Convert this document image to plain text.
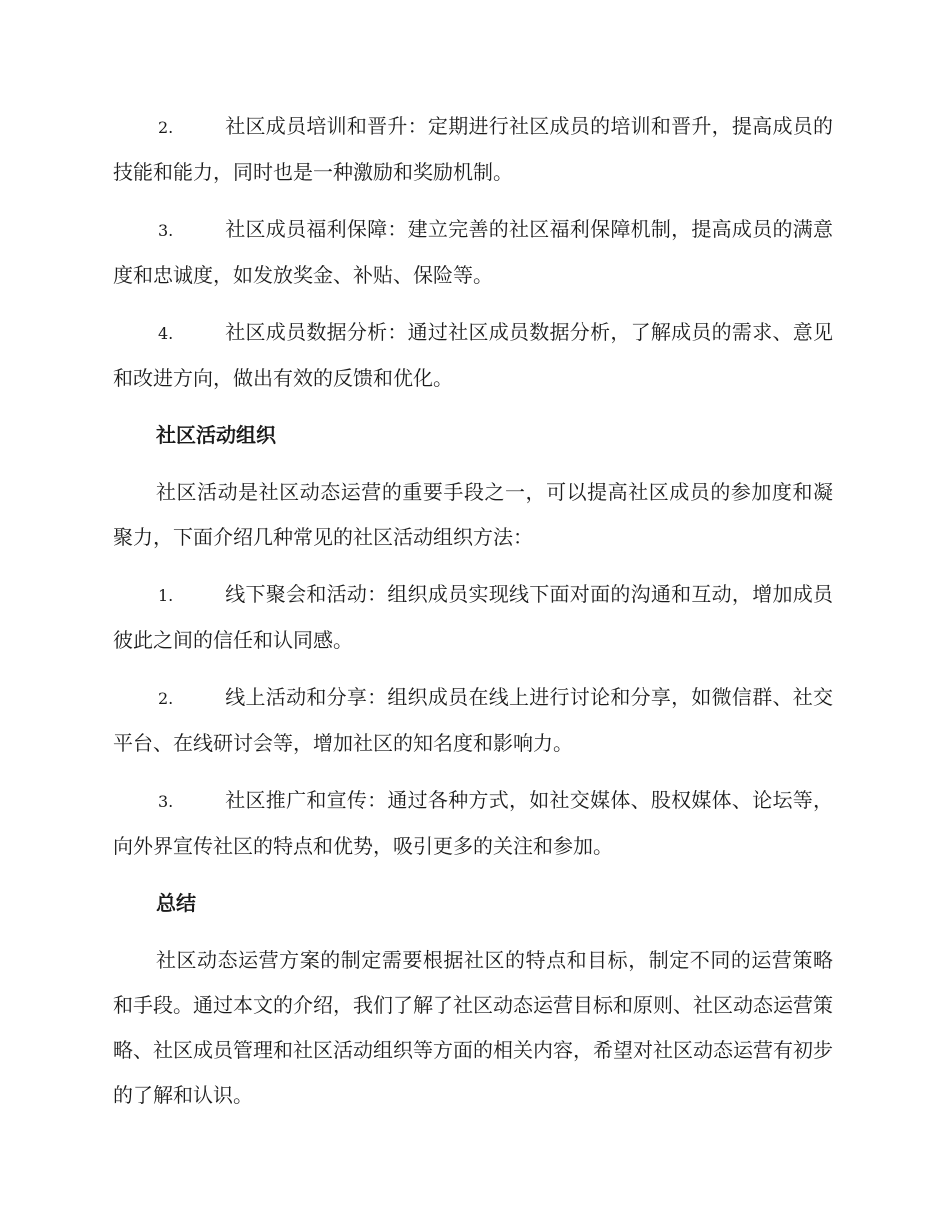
2.	社区成员培训和晋升：定期进行社区成员的培训和晋升，提高成员的技能和能力，同时也是一种激励和奖励机制。

3.	社区成员福利保障：建立完善的社区福利保障机制，提高成员的满意度和忠诚度，如发放奖金、补贴、保险等。

4.	社区成员数据分析：通过社区成员数据分析，了解成员的需求、意见和改进方向，做出有效的反馈和优化。

社区活动组织

社区活动是社区动态运营的重要手段之一，可以提高社区成员的参加度和凝聚力，下面介绍几种常见的社区活动组织方法：

1.	线下聚会和活动：组织成员实现线下面对面的沟通和互动，增加成员彼此之间的信任和认同感。

2.	线上活动和分享：组织成员在线上进行讨论和分享，如微信群、社交平台、在线研讨会等，增加社区的知名度和影响力。

3.	社区推广和宣传：通过各种方式，如社交媒体、股权媒体、论坛等，向外界宣传社区的特点和优势，吸引更多的关注和参加。

总结

社区动态运营方案的制定需要根据社区的特点和目标，制定不同的运营策略和手段。通过本文的介绍，我们了解了社区动态运营目标和原则、社区动态运营策略、社区成员管理和社区活动组织等方面的相关内容，希望对社区动态运营有初步的了解和认识。
